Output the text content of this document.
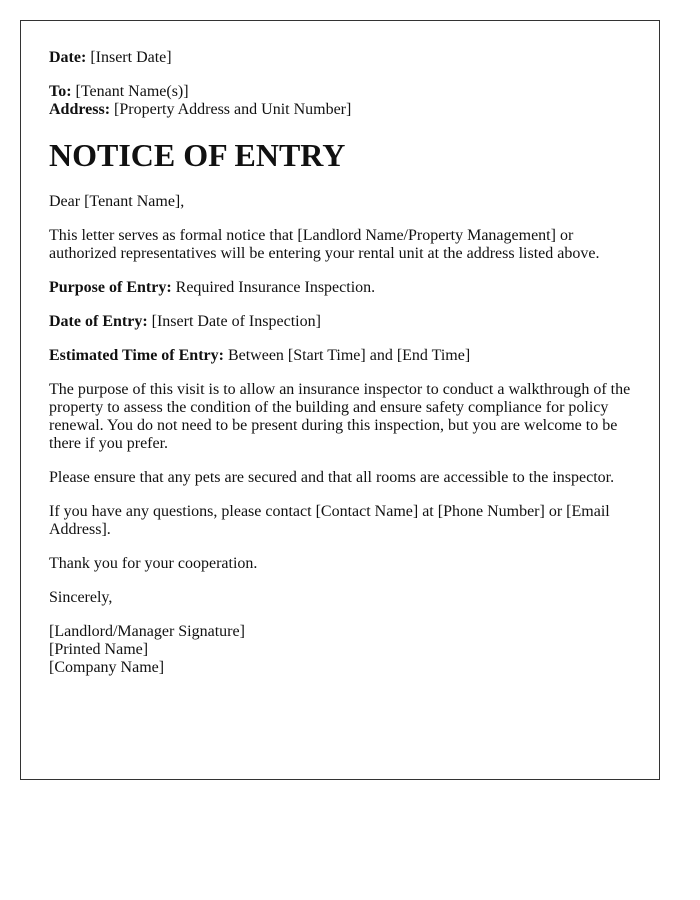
Date: [Insert Date]

To: [Tenant Name(s)]

Address: [Property Address and Unit Number]

NOTICE OF ENTRY

Dear [Tenant Name],

This letter serves as formal notice that [Landlord Name/Property Management] or authorized representatives will be entering your rental unit at the address listed above.

Purpose of Entry: Required Insurance Inspection.

Date of Entry: [Insert Date of Inspection]

Estimated Time of Entry: Between [Start Time] and [End Time]

The purpose of this visit is to allow an insurance inspector to conduct a walkthrough of the property to assess the condition of the building and ensure safety compliance for policy renewal. You do not need to be present during this inspection, but you are welcome to be there if you prefer.

Please ensure that any pets are secured and that all rooms are accessible to the inspector.

If you have any questions, please contact [Contact Name] at [Phone Number] or [Email Address].

Thank you for your cooperation.

Sincerely,

[Landlord/Manager Signature]
[Printed Name]
[Company Name]
